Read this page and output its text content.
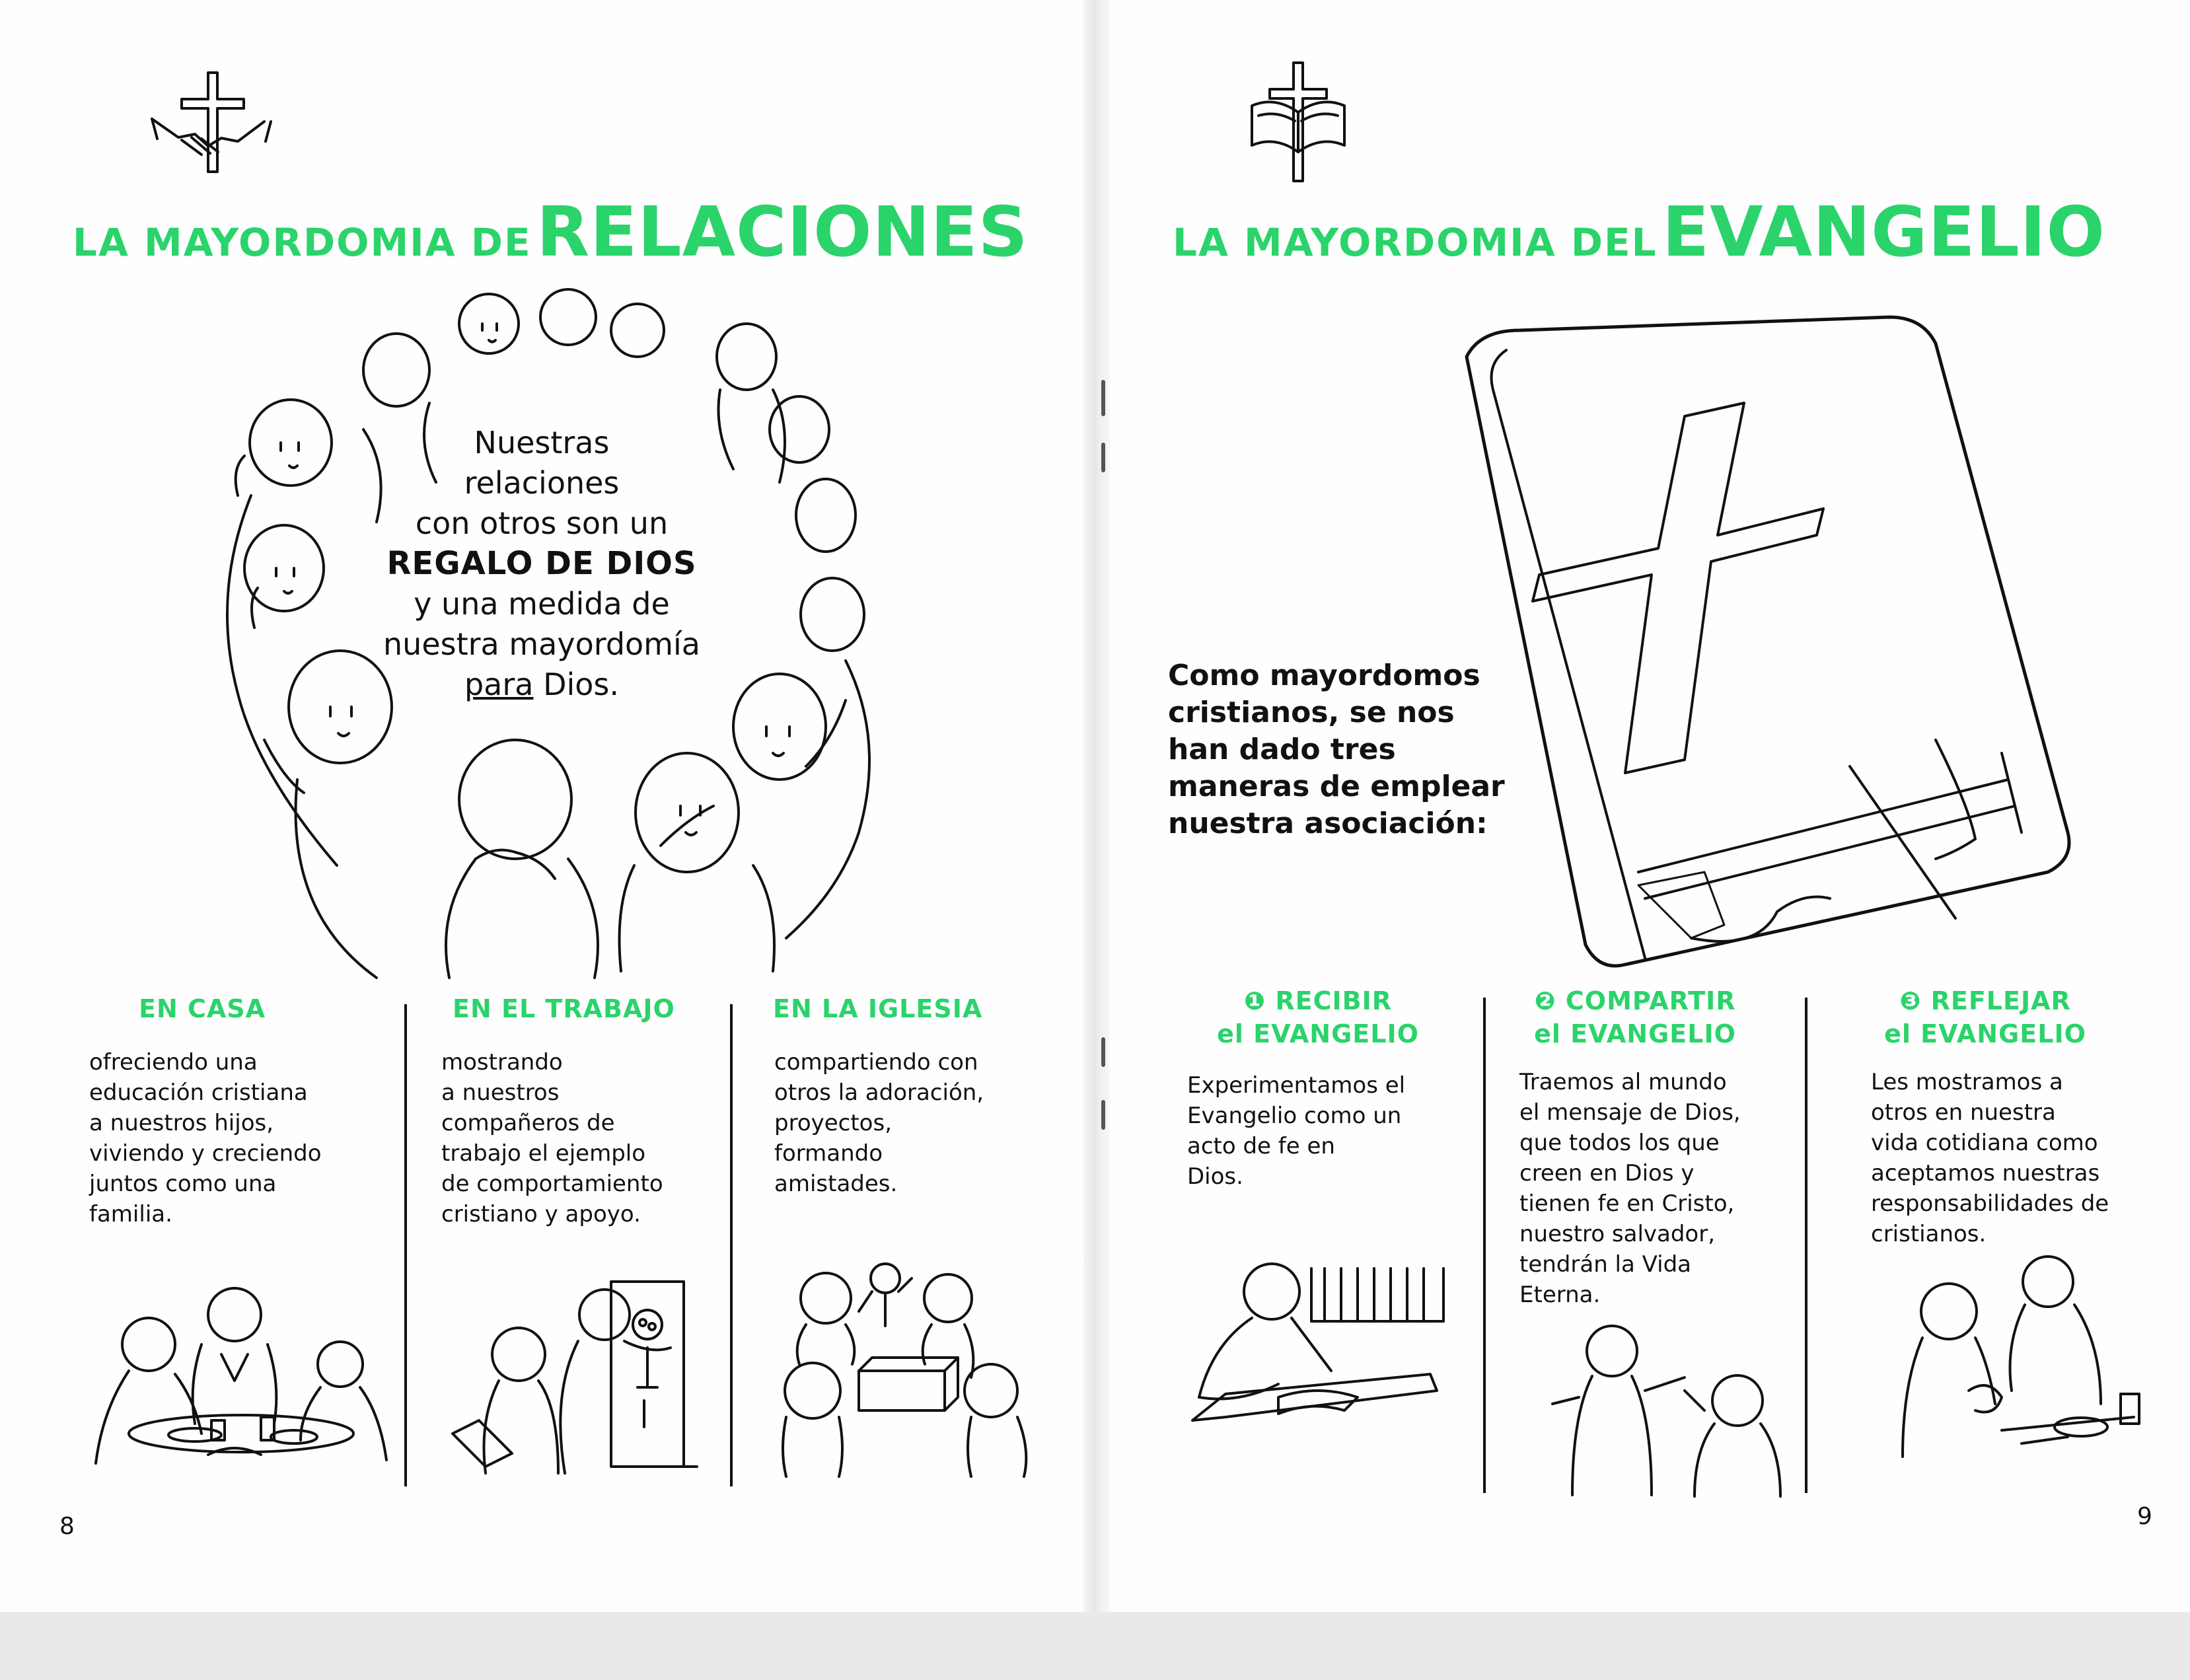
LA MAYORDOMIA DE RELACIONES
Nuestras
relaciones
con otros son un
REGALO DE DIOS
y una medida de
nuestra mayordomía
para Dios.
EN CASA
ofreciendo una
educación cristiana
a nuestros hijos,
viviendo y creciendo
juntos como una
familia.
EN EL TRABAJO
mostrando
a nuestros
compañeros de
trabajo el ejemplo
de comportamiento
cristiano y apoyo.
EN LA IGLESIA
compartiendo con
otros la adoración,
proyectos,
formando
amistades.
8
LA MAYORDOMIA DEL EVANGELIO
Como mayordomos
cristianos, se nos
han dado tres
maneras de emplear
nuestra asociación:
❶ RECIBIR
el EVANGELIO
Experimentamos el
Evangelio como un
acto de fe en
Dios.
❷ COMPARTIR
el EVANGELIO
Traemos al mundo
el mensaje de Dios,
que todos los que
creen en Dios y
tienen fe en Cristo,
nuestro salvador,
tendrán la Vida
Eterna.
❸ REFLEJAR
el EVANGELIO
Les mostramos a
otros en nuestra
vida cotidiana como
aceptamos nuestras
responsabilidades de
cristianos.
9
